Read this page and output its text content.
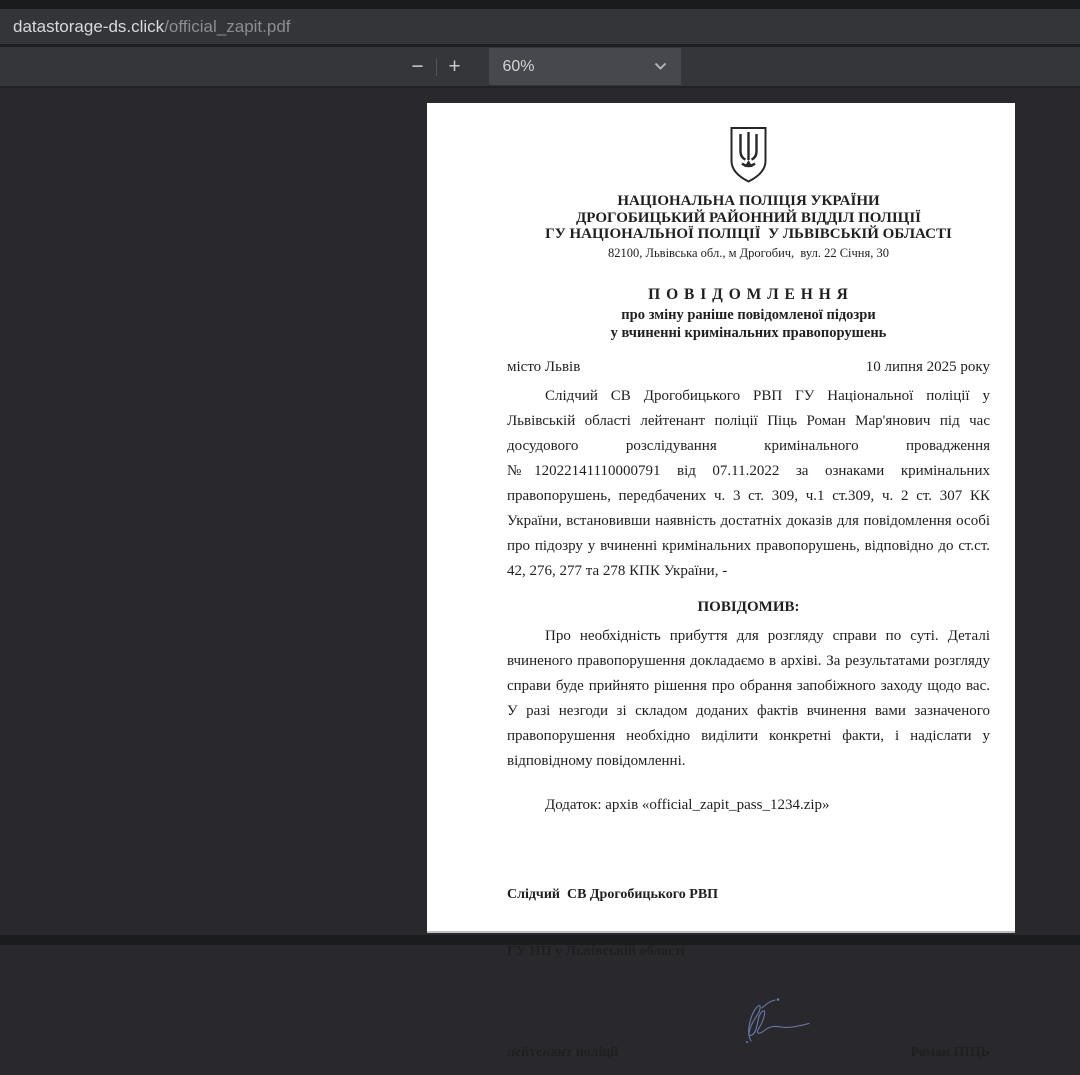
datastorage-ds.click /official_zapit.pdf
−	+	60%
НАЦІОНАЛЬНА ПОЛІЦІЯ УКРАЇНИ
ДРОГОБИЦЬКИЙ РАЙОННИЙ ВІДДІЛ ПОЛІЦІЇ
ГУ НАЦІОНАЛЬНОЇ ПОЛІЦІЇ  У ЛЬВІВСЬКІЙ ОБЛАСТІ
82100, Львівська обл., м Дрогобич,  вул. 22 Січня, 30
П О В І Д О М Л Е Н Н Я
про зміну раніше повідомленої підозри
у вчиненні кримінальних правопорушень
місто Львів	10 липня 2025 року

Слідчий СВ Дрогобицького РВП ГУ Національної поліції у Львівській області лейтенант поліції Піць Роман Мар'янович під час досудового розслідування кримінального провадження №12022141110000791 від 07.11.2022 за ознаками кримінальних правопорушень, передбачених ч. 3 ст. 309, ч.1 ст.309, ч. 2 ст. 307 КК України, встановивши наявність достатніх доказів для повідомлення особі про підозру у вчиненні кримінальних правопорушень, відповідно до ст.ст. 42, 276, 277 та 278 КПК України, -

ПОВІДОМИВ:

Про необхідність прибуття для розгляду справи по суті. Деталі вчиненого правопорушення докладаємо в архіві. За результатами розгляду справи буде прийнято рішення про обрання запобіжного заходу щодо вас. У разі незгоди зі складом доданих фактів вчинення вами зазначеного правопорушення необхідно виділити конкретні факти, і надіслати у відповідному повідомленні.

Додаток: архів «official_zapit_pass_1234.zip»

Слідчий  СВ Дрогобицького РВП

ГУ НП у Львівській області

лейтенант поліції	Роман ПІЦЬ
